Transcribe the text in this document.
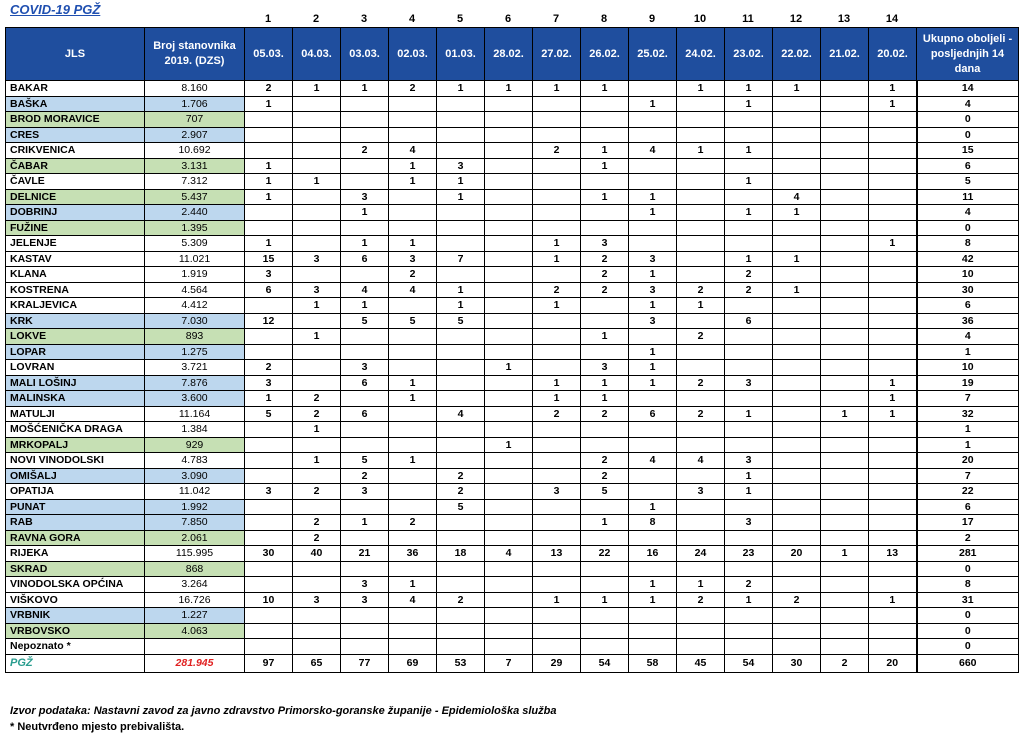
COVID-19 PGŽ
1	2	3	4	5	6	7	8	9	10	11	12	13	14
JLS	Broj stanovnika 2019. (DZS)	05.03.	04.03.	03.03.	02.03.	01.03.	28.02.	27.02.	26.02.	25.02.	24.02.	23.02.	22.02.	21.02.	20.02.	Ukupno oboljeli - posljednjih 14 dana
BAKAR	8.160	2	1	1	2	1	1	1	1		1	1	1		1	14
BAŠKA	1.706	1								1		1			1	4
BROD MORAVICE	707															0
CRES	2.907															0
CRIKVENICA	10.692			2	4			2	1	4	1	1				15
ČABAR	3.131	1			1	3			1							6
ČAVLE	7.312	1	1		1	1						1				5
DELNICE	5.437	1		3		1			1	1			4			11
DOBRINJ	2.440			1						1		1	1			4
FUŽINE	1.395															0
JELENJE	5.309	1		1	1			1	3						1	8
KASTAV	11.021	15	3	6	3	7		1	2	3		1	1			42
KLANA	1.919	3			2				2	1		2				10
KOSTRENA	4.564	6	3	4	4	1		2	2	3	2	2	1			30
KRALJEVICA	4.412		1	1		1		1		1	1					6
KRK	7.030	12		5	5	5				3		6				36
LOKVE	893		1						1		2					4
LOPAR	1.275									1						1
LOVRAN	3.721	2		3			1		3	1						10
MALI LOŠINJ	7.876	3		6	1			1	1	1	2	3			1	19
MALINSKA	3.600	1	2		1			1	1						1	7
MATULJI	11.164	5	2	6		4		2	2	6	2	1		1	1	32
MOŠĆENIČKA DRAGA	1.384		1													1
MRKOPALJ	929						1									1
NOVI VINODOLSKI	4.783		1	5	1				2	4	4	3				20
OMIŠALJ	3.090			2		2			2			1				7
OPATIJA	11.042	3	2	3		2		3	5		3	1				22
PUNAT	1.992					5				1						6
RAB	7.850		2	1	2				1	8		3				17
RAVNA GORA	2.061		2													2
RIJEKA	115.995	30	40	21	36	18	4	13	22	16	24	23	20	1	13	281
SKRAD	868															0
VINODOLSKA OPĆINA	3.264			3	1					1	1	2				8
VIŠKOVO	16.726	10	3	3	4	2		1	1	1	2	1	2		1	31
VRBNIK	1.227															0
VRBOVSKO	4.063															0
Nepoznato *																0
PGŽ	281.945	97	65	77	69	53	7	29	54	58	45	54	30	2	20	660
Izvor podataka: Nastavni zavod za javno zdravstvo Primorsko-goranske županije - Epidemiološka služba
* Neutvrđeno mjesto prebivališta.
